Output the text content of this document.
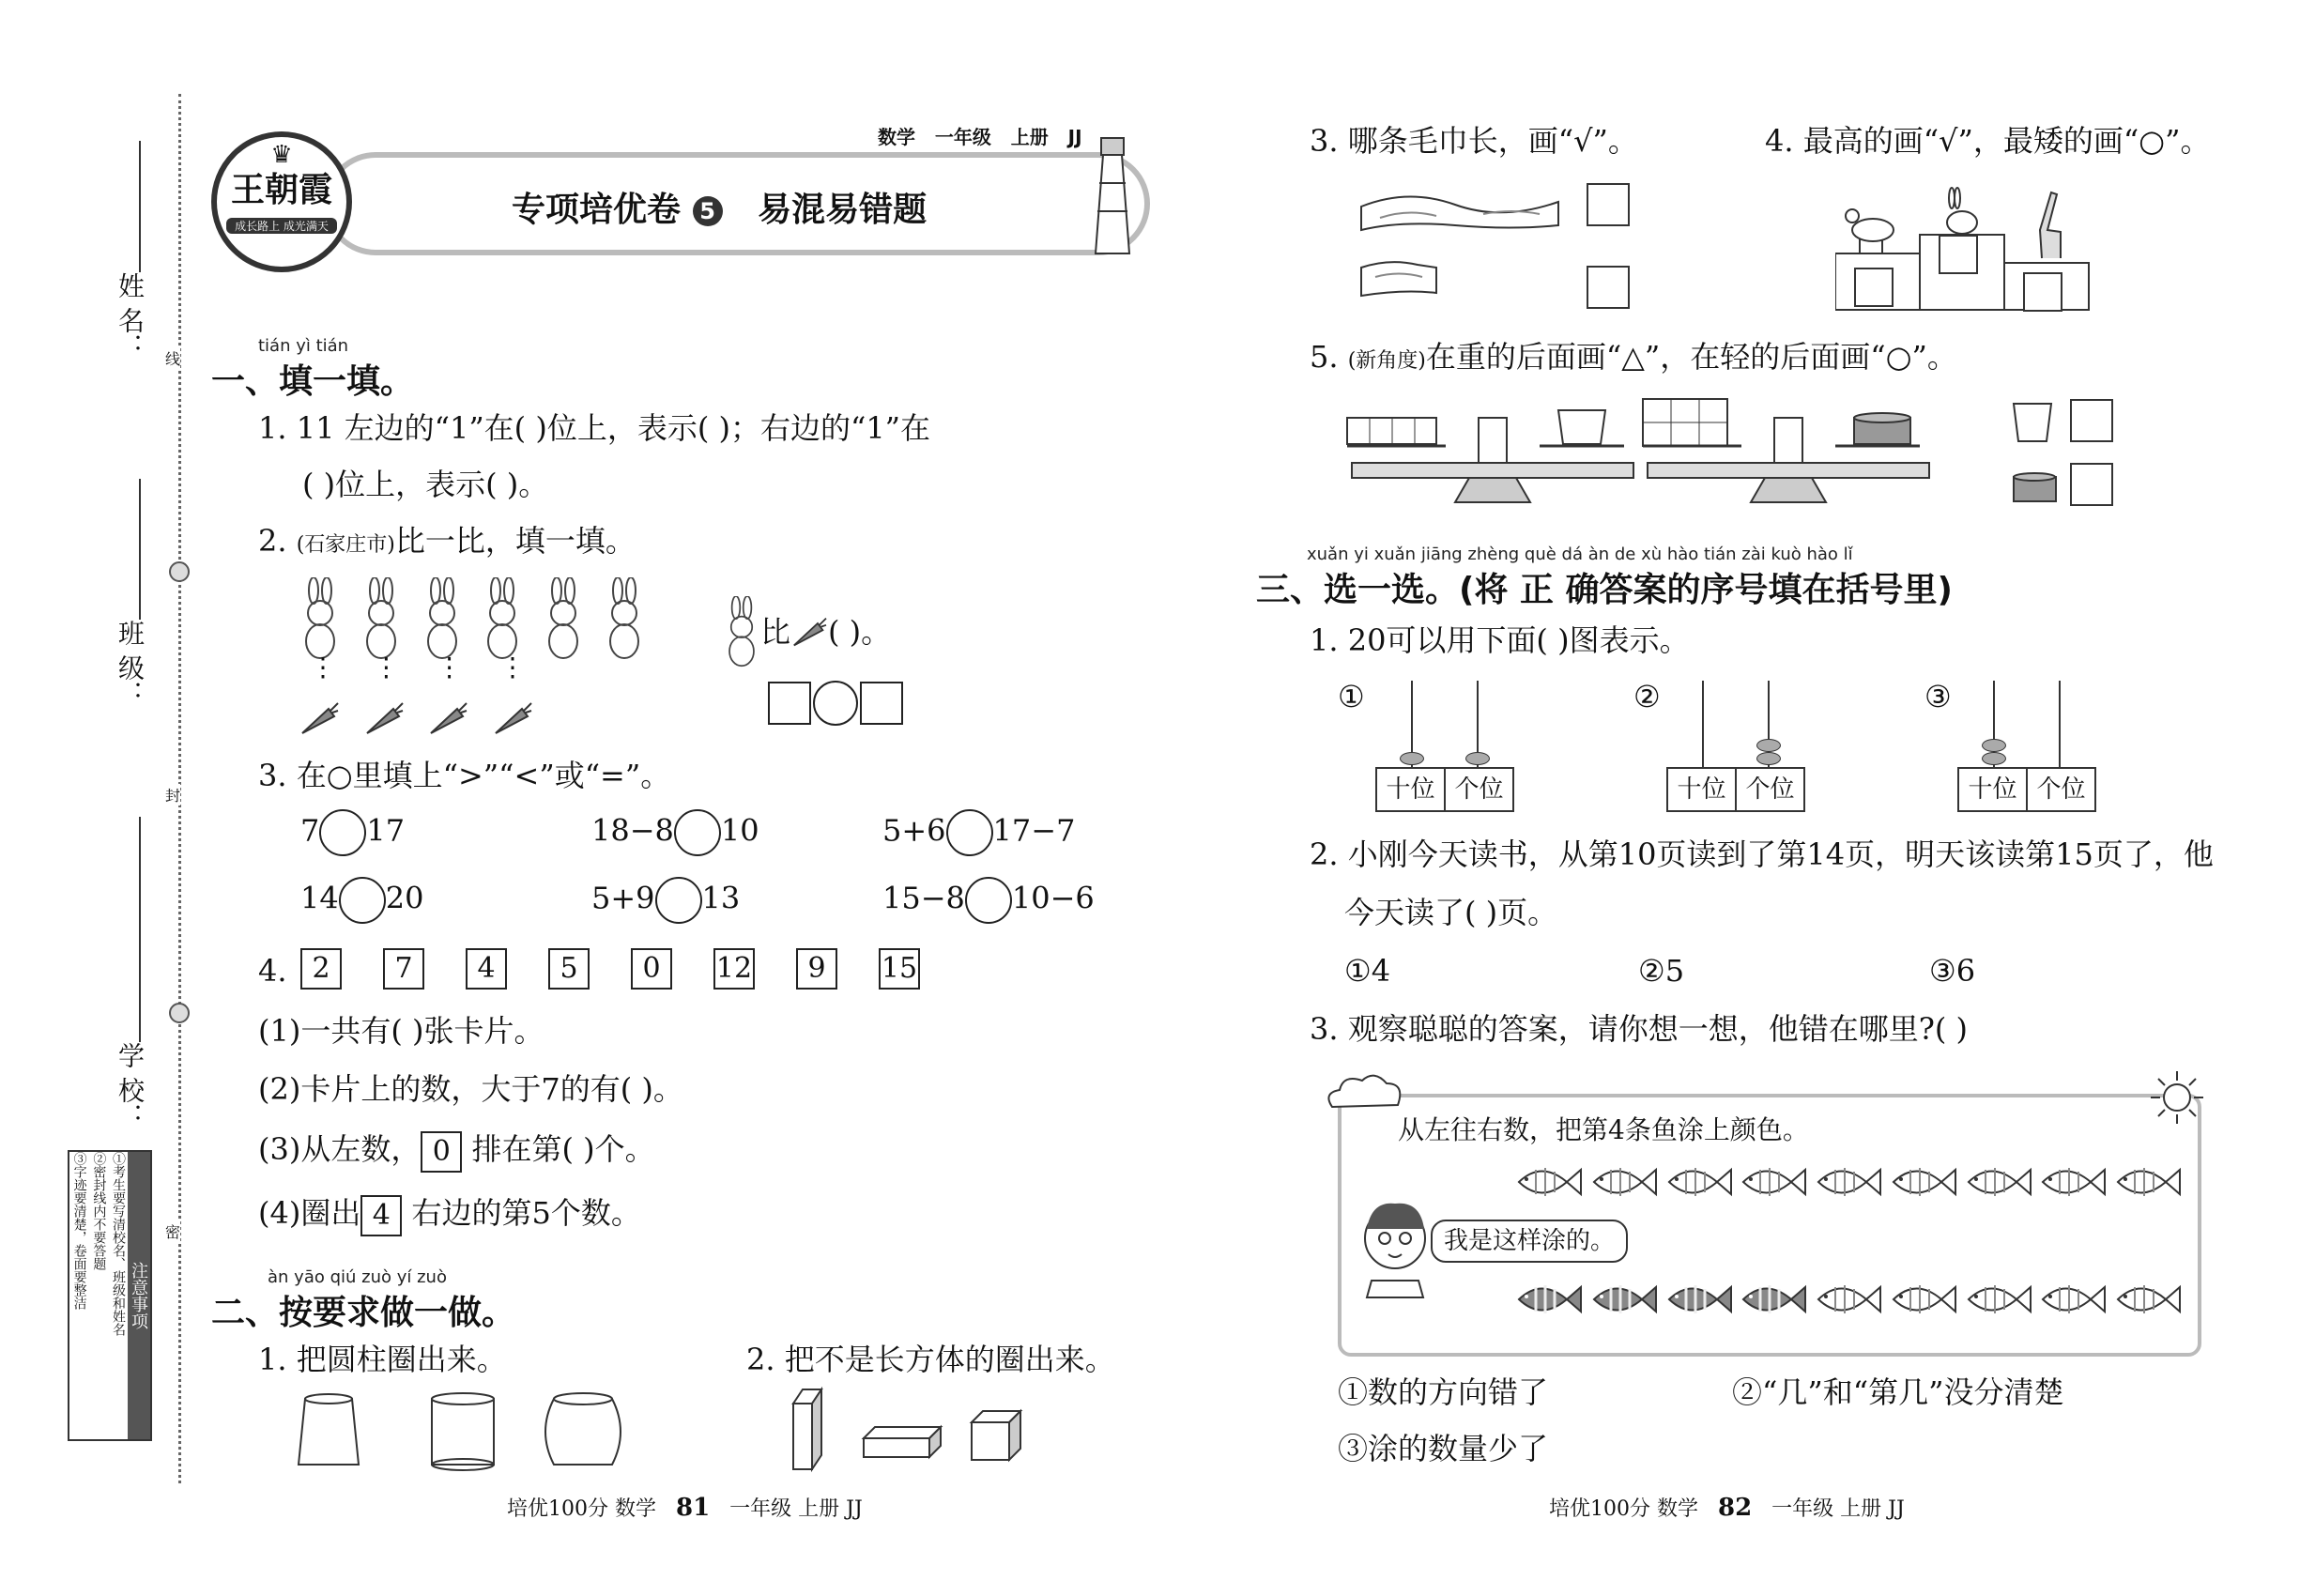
姓 名：
班 级：
学 校：
线
封
密
注意事项
①考生要写清校名、班级和姓名
②密封线内不要答题
③字迹要清楚，卷面要整洁
♛
王朝霞
成长路上 成光满天
数学 一年级 上册 JJ
专项培优卷 5 易混易错题
tián yì tián
一、填一填。
1. 11 左边的“1”在( )位上，表示( )；右边的“1”在
( )位上，表示( )。
2. (石家庄市)比一比，填一填。
⋮ ⋮ ⋮ ⋮
比 ( )。
3. 在○里填上“>”“<”或“=”。
7 17	18−8 10	5+6 17−7
14 20	5+9 13	15−8 10−6
4. 2	7	4	5	0	12	9	15
(1)一共有( )张卡片。
(2)卡片上的数，大于7的有( )。
(3)从左数， 0 排在第( )个。
(4)圈出 4 右边的第5个数。
àn yāo qiú zuò yí zuò
二、按要求做一做。
1. 把圆柱圈出来。	2. 把不是长方体的圈出来。
培优100分 数学 81 一年级 上册 JJ
3. 哪条毛巾长，画“√”。	4. 最高的画“√”，最矮的画“○”。
5. (新角度)在重的后面画“△”，在轻的后面画“○”。
xuǎn yi xuǎn jiāng zhèng què dá àn de xù hào tián zài kuò hào lǐ
三、选一选。(将 正 确答案的序号填在括号里)
1. 20可以用下面( )图表示。
①
十位 个位
②
十位 个位
③
十位 个位
2. 小刚今天读书，从第10页读到了第14页，明天该读第15页了，他
今天读了( )页。
①4	②5	③6
3. 观察聪聪的答案，请你想一想，他错在哪里?( )
从左往右数，把第4条鱼涂上颜色。
我是这样涂的。
①数的方向错了	②“几”和“第几”没分清楚
③涂的数量少了
培优100分 数学 82 一年级 上册 JJ
